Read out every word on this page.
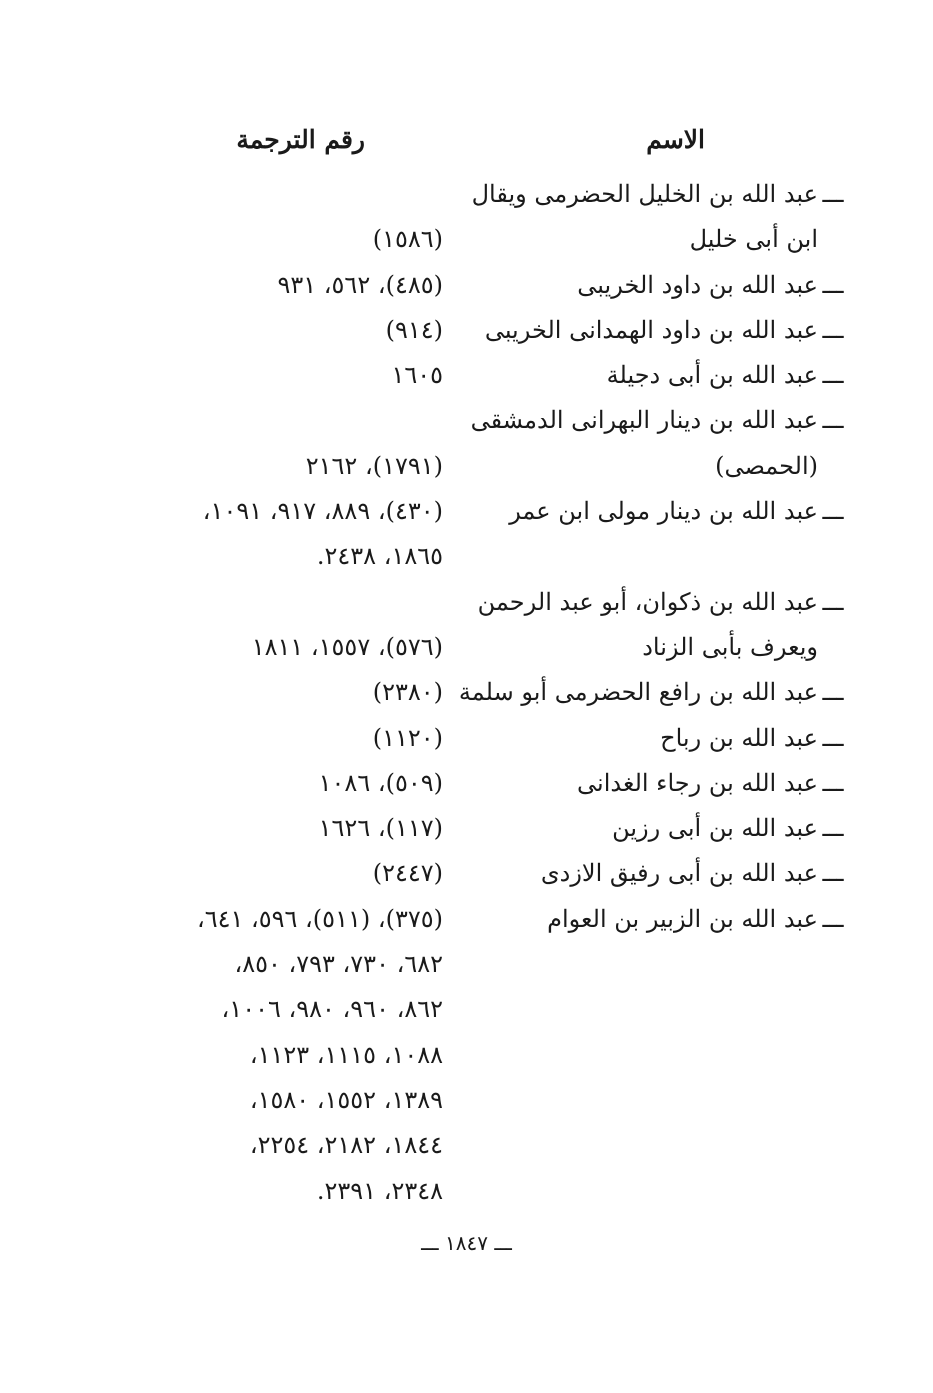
الاسم
رقم الترجمة
ـــ
عبد الله بن الخليل الحضرمى ويقال
ابن أبى خليل
(١٥٨٦)
ـــ
عبد الله بن داود الخريبى
(٤٨٥)، ٥٦٢، ٩٣١
ـــ
عبد الله بن داود الهمدانى الخريبى
(٩١٤)
ـــ
عبد الله بن أبى دجيلة
١٦٠٥
ـــ
عبد الله بن دينار البهرانى الدمشقى
(الحمصى)
(١٧٩١)، ٢١٦٢
ـــ
عبد الله بن دينار مولى ابن عمر
(٤٣٠)، ٨٨٩، ٩١٧، ١٠٩١،
١٨٦٥، ٢٤٣٨.
ـــ
عبد الله بن ذكوان، أبو عبد الرحمن
ويعرف بأبى الزناد
(٥٧٦)، ١٥٥٧، ١٨١١
ـــ
عبد الله بن رافع الحضرمى أبو سلمة
(٢٣٨٠)
ـــ
عبد الله بن رباح
(١١٢٠)
ـــ
عبد الله بن رجاء الغدانى
(٥٠٩)، ١٠٨٦
ـــ
عبد الله بن أبى رزين
(١١٧)، ١٦٢٦
ـــ
عبد الله بن أبى رفيق الازدى
(٢٤٤٧)
ـــ
عبد الله بن الزبير بن العوام
(٣٧٥)، (٥١١)، ٥٩٦، ٦٤١،
٦٨٢، ٧٣٠، ٧٩٣، ٨٥٠،
٨٦٢، ٩٦٠، ٩٨٠، ١٠٠٦،
١٠٨٨، ١١١٥، ١١٢٣،
١٣٨٩، ١٥٥٢، ١٥٨٠،
١٨٤٤، ٢١٨٢، ٢٢٥٤،
٢٣٤٨، ٢٣٩١.
ـــ ١٨٤٧ ـــ
